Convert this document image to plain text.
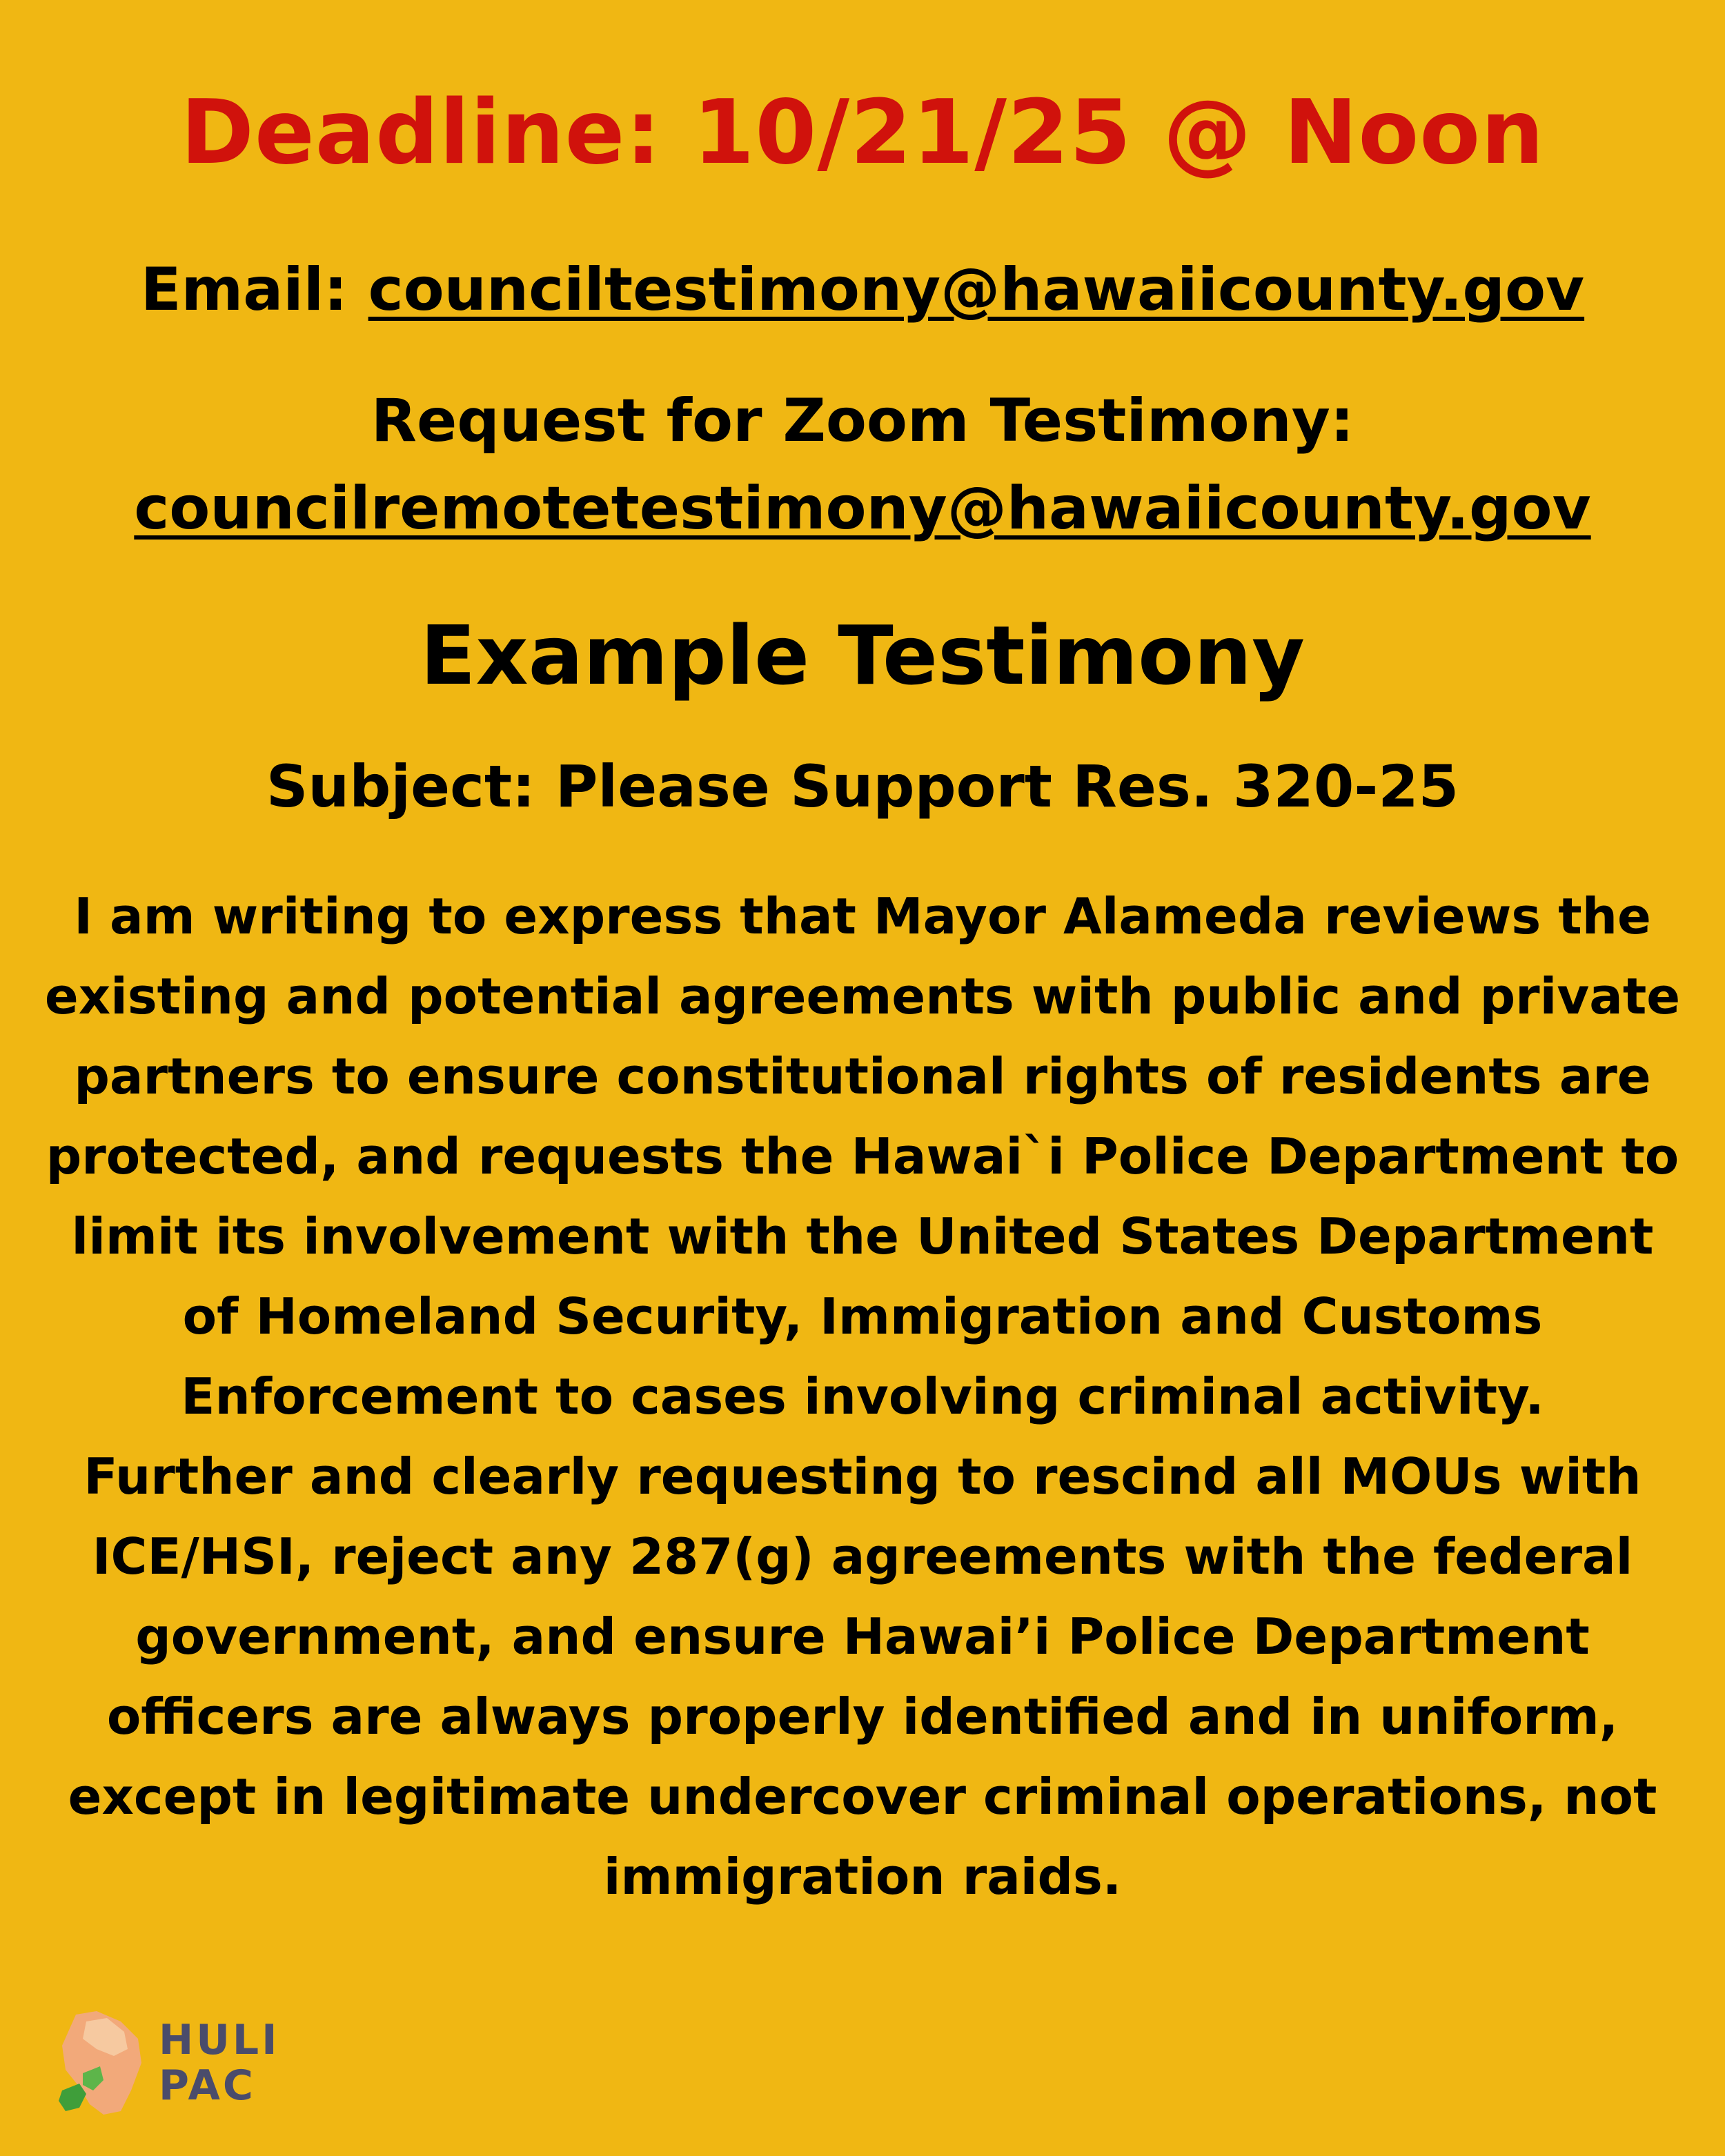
Deadline: 10/21/25 @ Noon
Email: counciltestimony@hawaiicounty.gov
Request for Zoom Testimony:
councilremotetestimony@hawaiicounty.gov
Example Testimony
Subject: Please Support Res. 320-25

I am writing to express that Mayor Alameda reviews the existing and potential agreements with public and private partners to ensure constitutional rights of residents are protected, and requests the Hawai`i Police Department to limit its involvement with the United States Department of Homeland Security, Immigration and Customs Enforcement to cases involving criminal activity.

Further and clearly requesting to rescind all MOUs with ICE/HSI, reject any 287(g) agreements with the federal government, and ensure Hawai’i Police Department officers are always properly identified and in uniform, except in legitimate undercover criminal operations, not immigration raids.

HULI
PAC
